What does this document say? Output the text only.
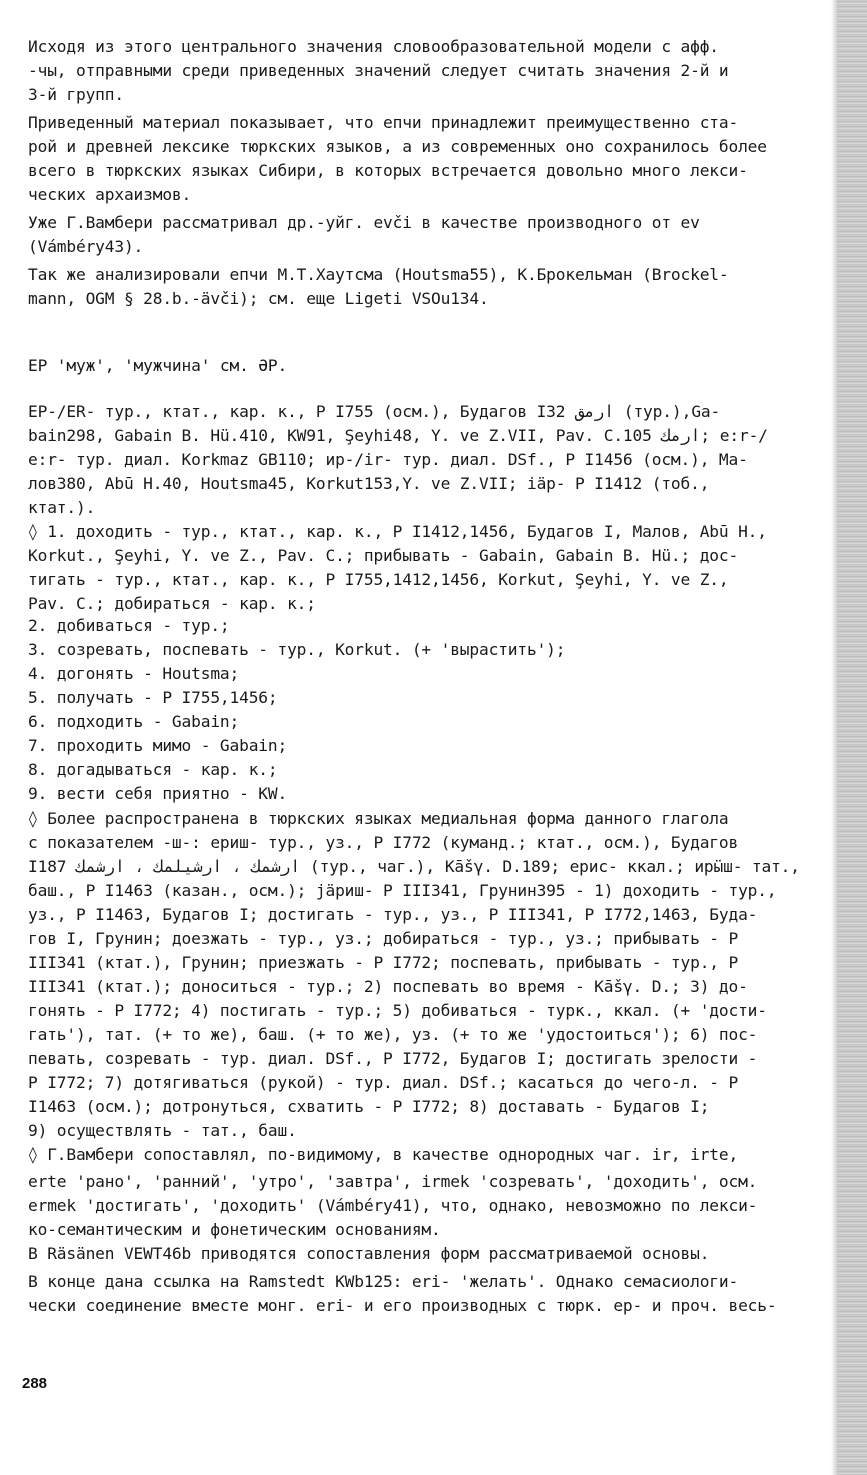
Исходя из этого центрального значения словообразовательной модели с афф.
-чы, отправными среди приведенных значений следует считать значения 2-й и
3-й групп.
Приведенный материал показывает, что епчи принадлежит преимущественно ста-
рой и древней лексике тюркских языков, а из современных оно сохранилось более
всего в тюркских языках Сибири, в которых встречается довольно много лекси-
ческих архаизмов.
Уже Г.Вамбери рассматривал др.-уйг. evči в качестве производного от ev
(Vámbéry43).
Так же анализировали епчи М.Т.Хаутсма (Houtsma55), К.Брокельман (Brockel-
mann, OGM § 28.b.-ävči); см. еще Ligeti VSOu134.
ЕР 'муж', 'мужчина' см. ӘР.
ЕР-/ЕR- тур., ктат., кар. к., Р I755 (осм.), Будагов I32 ارمق (тур.),Ga-
bain298, Gabain B. Hü.410, KW91, Şeyhi48, Y. ve Z.VII, Pav. C.105 ارمك; e:r-/
e:r- тур. диал. Korkmaz GB110; ир-/ir- тур. диал. DSf., Р I1456 (осм.), Ма-
лов380, Abū H.40, Houtsma45, Korkut153,Y. ve Z.VII; iäр- Р I1412 (тоб.,
ктат.).
◊ 1. доходить - тур., ктат., кар. к., Р I1412,1456, Будагов I, Малов, Abū H.,
Korkut., Şeyhi, Y. ve Z., Pav. C.; прибывать - Gabain, Gabain B. Hü.; дос-
тигать - тур., ктат., кар. к., Р I755,1412,1456, Korkut, Şeyhi, Y. ve Z.,
Pav. C.; добираться - кар. к.;
2. добиваться - тур.;
3. созревать, поспевать - тур., Korkut. (+ 'вырастить');
4. догонять - Houtsma;
5. получать - Р I755,1456;
6. подходить - Gabain;
7. проходить мимо - Gabain;
8. догадываться - кар. к.;
9. вести себя приятно - KW.
◊ Более распространена в тюркских языках медиальная форма данного глагола
с показателем -ш-: ериш- тур., уз., Р I772 (куманд.; ктат., осм.), Будагов
I187 ارشمك ، ارشيلمك ، ارشمك (тур., чаг.), Kāšγ. D.189; ерис- ккал.; ирӹш- тат.,
баш., Р I1463 (казан., осм.); jäриш- Р III341, Грунин395 - 1) доходить - тур.,
уз., Р I1463, Будагов I; достигать - тур., уз., Р III341, Р I772,1463, Буда-
гов I, Грунин; доезжать - тур., уз.; добираться - тур., уз.; прибывать - Р
III341 (ктат.), Грунин; приезжать - Р I772; поспевать, прибывать - тур., Р
III341 (ктат.); доноситься - тур.; 2) поспевать во время - Kāšγ. D.; 3) до-
гонять - Р I772; 4) постигать - тур.; 5) добиваться - турк., ккал. (+ 'дости-
гать'), тат. (+ то же), баш. (+ то же), уз. (+ то же 'удостоиться'); 6) пос-
певать, созревать - тур. диал. DSf., Р I772, Будагов I; достигать зрелости -
Р I772; 7) дотягиваться (рукой) - тур. диал. DSf.; касаться до чего-л. - Р
I1463 (осм.); дотронуться, схватить - Р I772; 8) доставать - Будагов I;
9) осуществлять - тат., баш.
◊ Г.Вамбери сопоставлял, по-видимому, в качестве однородных чаг. ir, irte,
erte 'ранo', 'ранний', 'утро', 'завтра', irmek 'созревать', 'доходить', осм.
ermek 'достигать', 'доходить' (Vámbéry41), что, однако, невозможно по лекси-
ко-семантическим и фонетическим основаниям.
В Räsänen VEWT46b приводятся сопоставления форм рассматриваемой основы.
В конце дана ссылка на Ramstedt KWb125: eri- 'желать'. Однако семасиологи-
чески соединение вместе монг. eri- и его производных с тюрк. ер- и проч. весь-
288
